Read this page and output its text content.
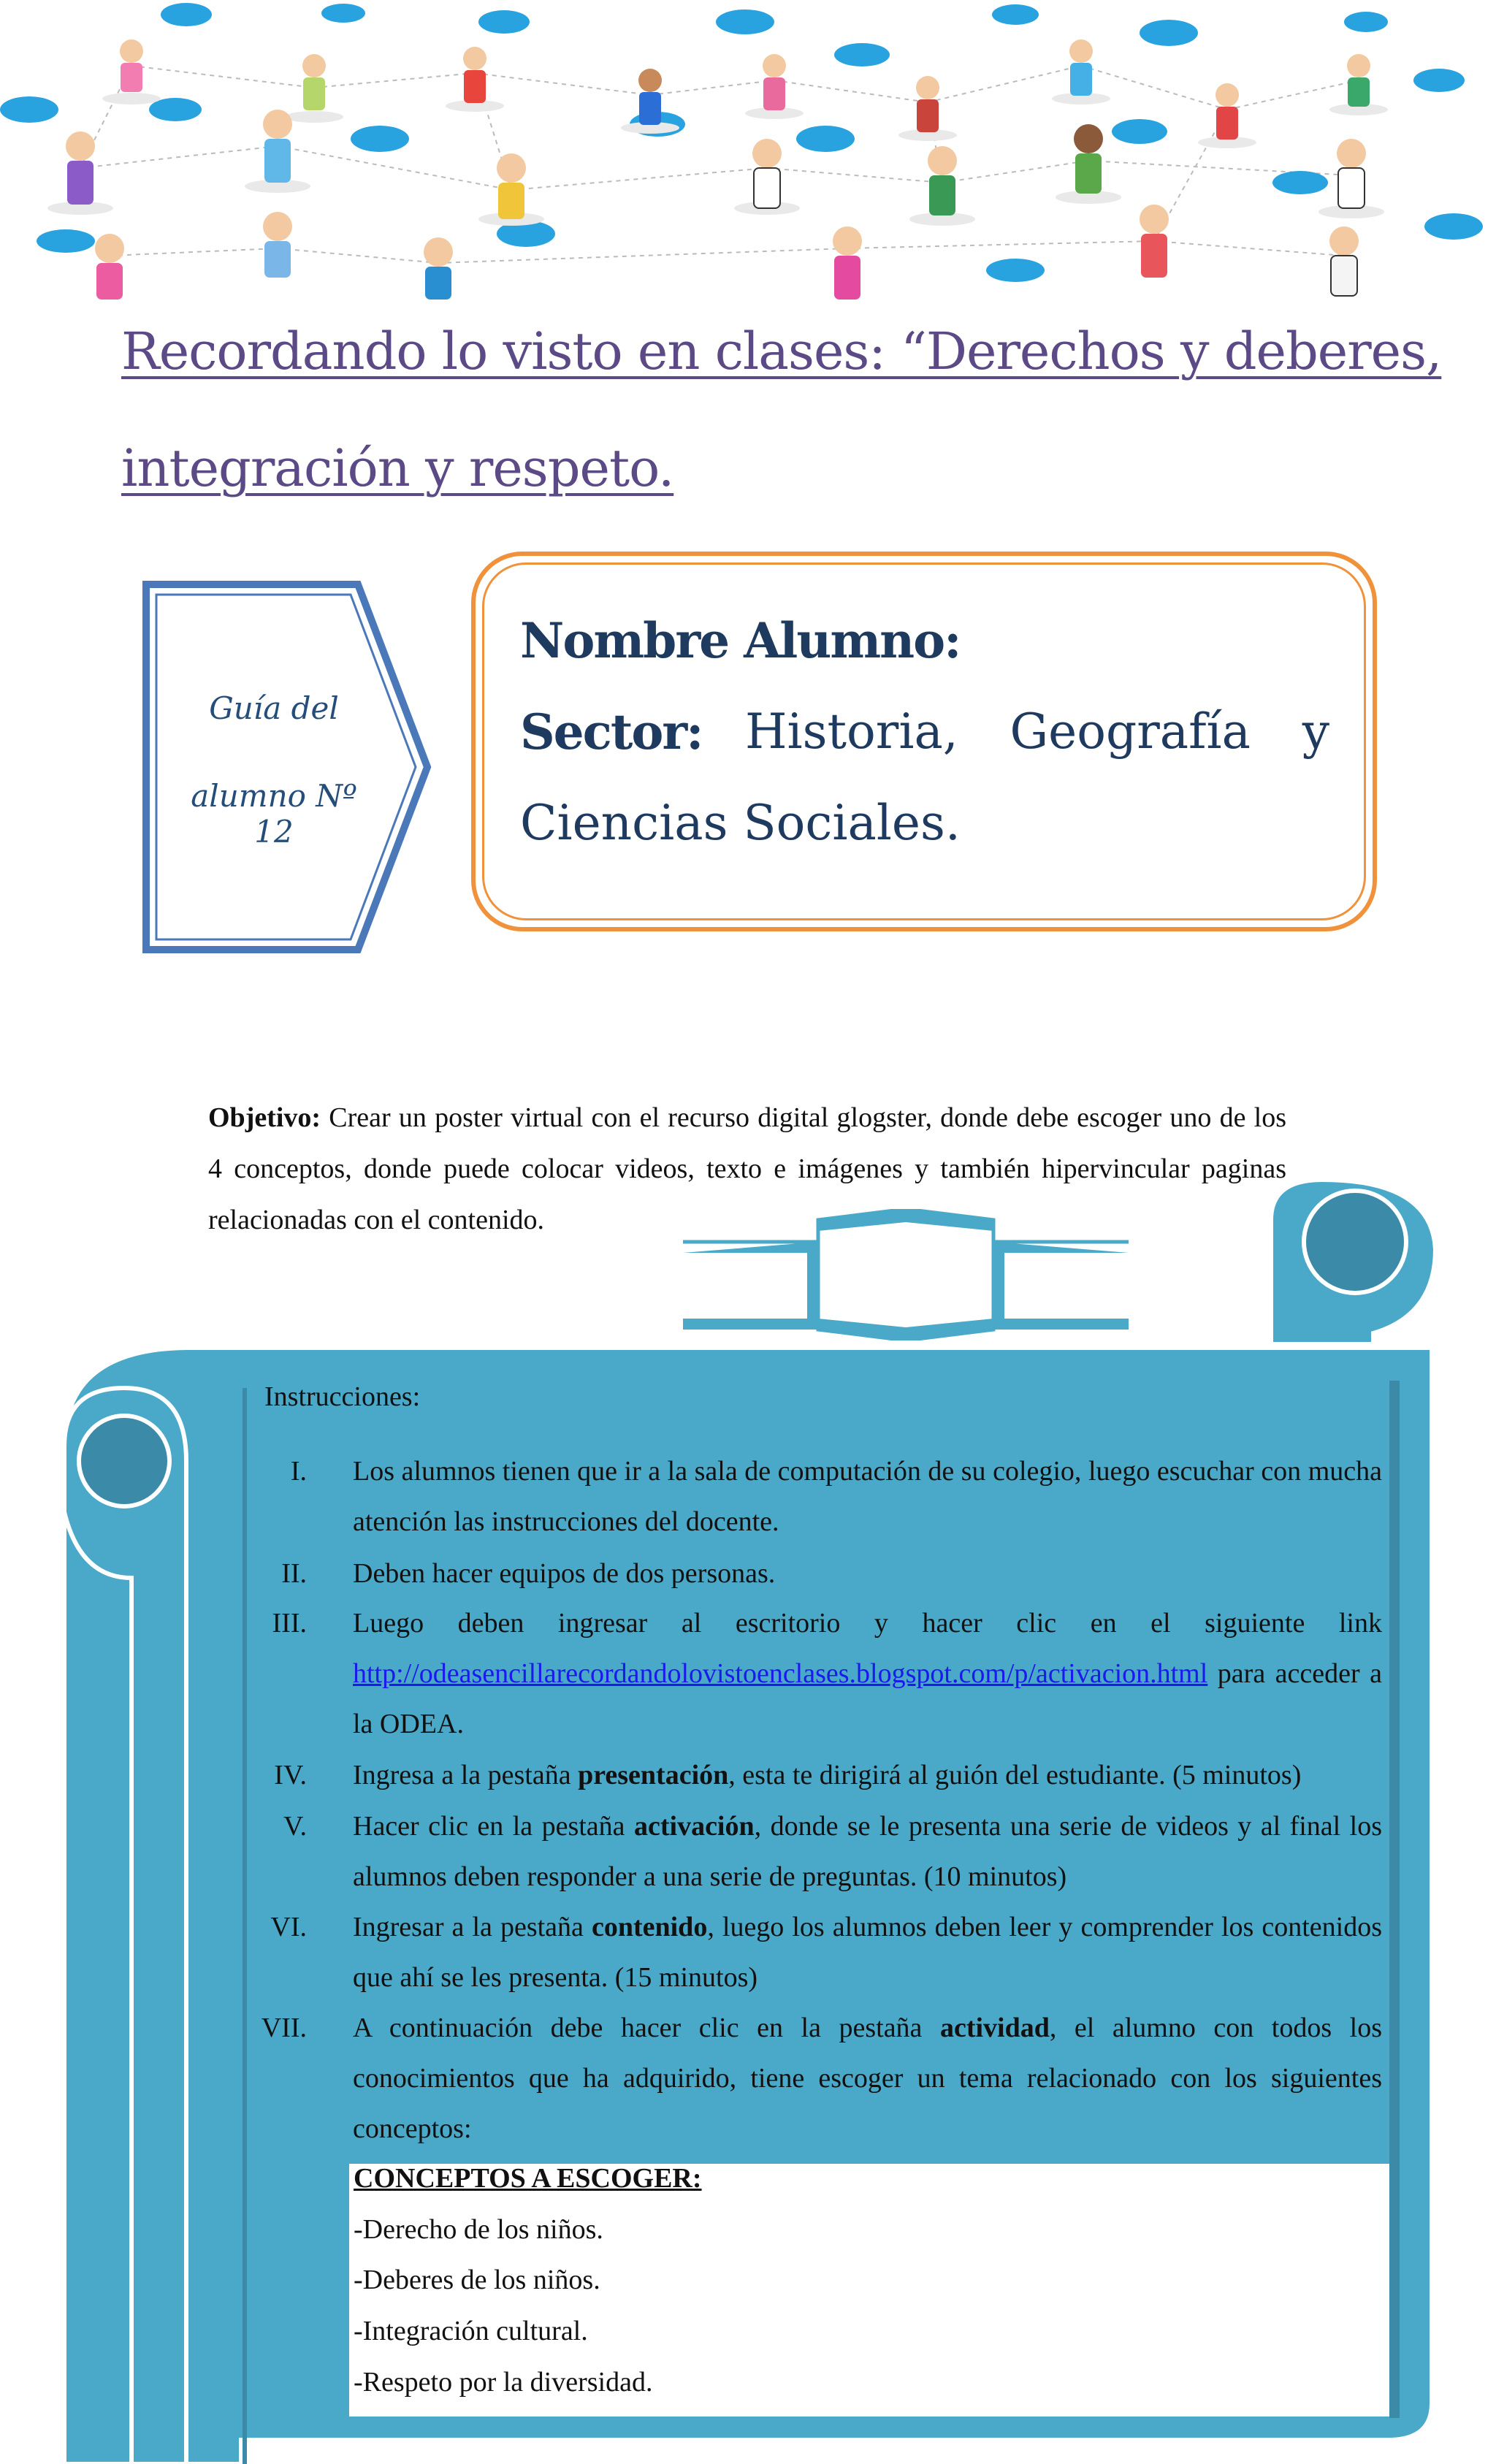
Recordando lo visto en clases: “Derechos y deberes,
integración y respeto.
Guía del
alumno Nº 12
Nombre Alumno:
Sector: Historia, Geografía y
Ciencias Sociales.
Objetivo: Crear un poster virtual con el recurso digital glogster, donde debe escoger uno de los 4 conceptos, donde puede colocar videos, texto e imágenes y también hipervincular paginas relacionadas con el contenido.
Instrucciones:
I. Los alumnos tienen que ir a la sala de computación de su colegio, luego escuchar con mucha atención las instrucciones del docente.
II. Deben hacer equipos de dos personas.
III. Luego deben ingresar al escritorio y hacer clic en el siguiente link http://odeasencillarecordandolovistoenclases.blogspot.com/p/activacion.html para acceder a la ODEA.
IV. Ingresa a la pestaña presentación, esta te dirigirá al guión del estudiante. (5 minutos)
V. Hacer clic en la pestaña activación, donde se le presenta una serie de videos y al final los alumnos deben responder a una serie de preguntas. (10 minutos)
VI. Ingresar a la pestaña contenido, luego los alumnos deben leer y comprender los contenidos que ahí se les presenta. (15 minutos)
VII. A continuación debe hacer clic en la pestaña actividad, el alumno con todos los conocimientos que ha adquirido, tiene escoger un tema relacionado con los siguientes conceptos:
CONCEPTOS A ESCOGER:
-Derecho de los niños.
-Deberes de los niños.
-Integración cultural.
-Respeto por la diversidad.
